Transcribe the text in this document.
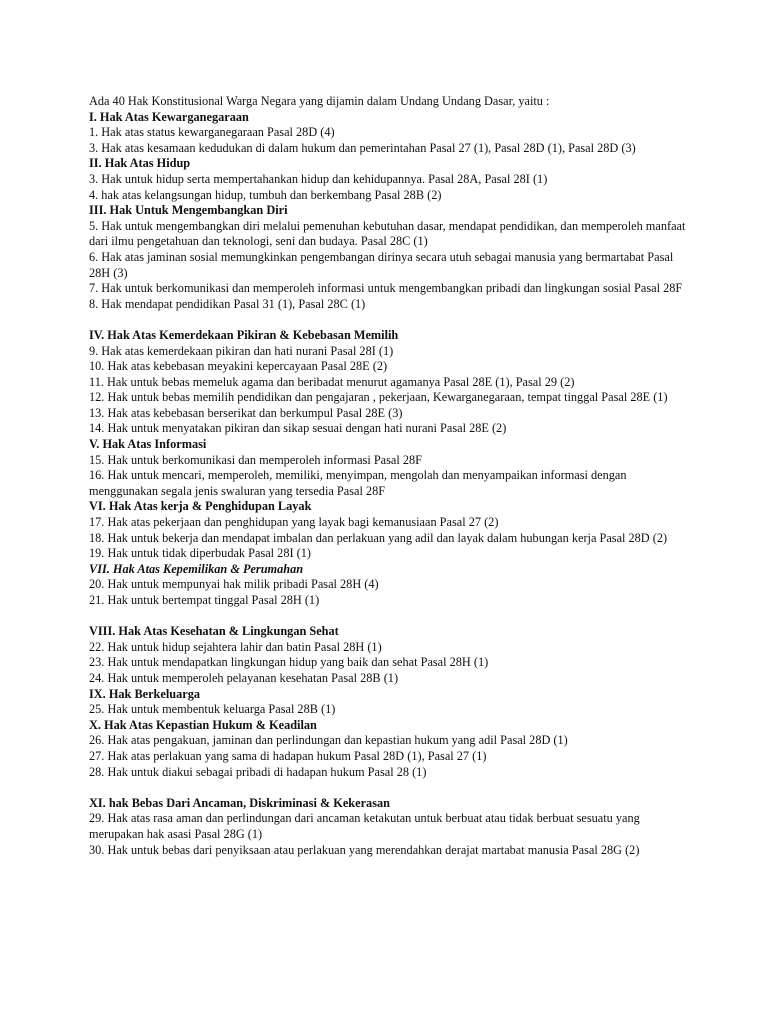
Ada 40 Hak Konstitusional Warga Negara yang dijamin dalam Undang Undang Dasar, yaitu :

I. Hak Atas Kewarganegaraan

1. Hak atas status kewarganegaraan Pasal 28D (4)

3. Hak atas kesamaan kedudukan di dalam hukum dan pemerintahan Pasal 27 (1), Pasal 28D (1), Pasal 28D (3)

II. Hak Atas Hidup

3. Hak untuk hidup serta mempertahankan hidup dan kehidupannya. Pasal 28A, Pasal 28I (1)

4. hak atas kelangsungan hidup, tumbuh dan berkembang Pasal 28B (2)

III. Hak Untuk Mengembangkan Diri

5. Hak untuk mengembangkan diri melalui pemenuhan kebutuhan dasar, mendapat pendidikan, dan memperoleh manfaat dari ilmu pengetahuan dan teknologi, seni dan budaya. Pasal 28C (1)

6. Hak atas jaminan sosial memungkinkan pengembangan dirinya secara utuh sebagai manusia yang bermartabat Pasal 28H (3)

7. Hak untuk berkomunikasi dan memperoleh informasi untuk mengembangkan pribadi dan lingkungan sosial Pasal 28F

8. Hak mendapat pendidikan Pasal 31 (1), Pasal 28C (1)

IV. Hak Atas Kemerdekaan Pikiran & Kebebasan Memilih

9. Hak atas kemerdekaan pikiran dan hati nurani Pasal 28I (1)

10. Hak atas kebebasan meyakini kepercayaan Pasal 28E (2)

11. Hak untuk bebas memeluk agama dan beribadat menurut agamanya Pasal 28E (1), Pasal 29 (2)

12. Hak untuk bebas memilih pendidikan dan pengajaran , pekerjaan, Kewarganegaraan, tempat tinggal Pasal 28E (1)

13. Hak atas kebebasan berserikat dan berkumpul Pasal 28E (3)

14. Hak untuk menyatakan pikiran dan sikap sesuai dengan hati nurani Pasal 28E (2)

V. Hak Atas Informasi

15. Hak untuk berkomunikasi dan memperoleh informasi Pasal 28F

16. Hak untuk mencari, memperoleh, memiliki, menyimpan, mengolah dan menyampaikan informasi dengan menggunakan segala jenis swaluran yang tersedia Pasal 28F

VI. Hak Atas kerja & Penghidupan Layak

17. Hak atas pekerjaan dan penghidupan yang layak bagi kemanusiaan Pasal 27 (2)

18. Hak untuk bekerja dan mendapat imbalan dan perlakuan yang adil dan layak dalam hubungan kerja Pasal 28D (2)

19. Hak untuk tidak diperbudak Pasal 28I (1)

VII. Hak Atas Kepemilikan & Perumahan

20. Hak untuk mempunyai hak milik pribadi Pasal 28H (4)

21. Hak untuk bertempat tinggal Pasal 28H (1)

VIII. Hak Atas Kesehatan & Lingkungan Sehat

22. Hak untuk hidup sejahtera lahir dan batin Pasal 28H (1)

23. Hak untuk mendapatkan lingkungan hidup yang baik dan sehat Pasal 28H (1)

24. Hak untuk memperoleh pelayanan kesehatan Pasal 28B (1)

IX. Hak Berkeluarga

25. Hak untuk membentuk keluarga Pasal 28B (1)

X. Hak Atas Kepastian Hukum & Keadilan

26. Hak atas pengakuan, jaminan dan perlindungan dan kepastian hukum yang adil Pasal 28D (1)

27. Hak atas perlakuan yang sama di hadapan hukum Pasal 28D (1), Pasal 27 (1)

28. Hak untuk diakui sebagai pribadi di hadapan hukum Pasal 28 (1)

XI. hak Bebas Dari Ancaman, Diskriminasi & Kekerasan

29. Hak atas rasa aman dan perlindungan dari ancaman ketakutan untuk berbuat atau tidak berbuat sesuatu yang merupakan hak asasi Pasal 28G (1)

30. Hak untuk bebas dari penyiksaan atau perlakuan yang merendahkan derajat martabat manusia Pasal 28G (2)
